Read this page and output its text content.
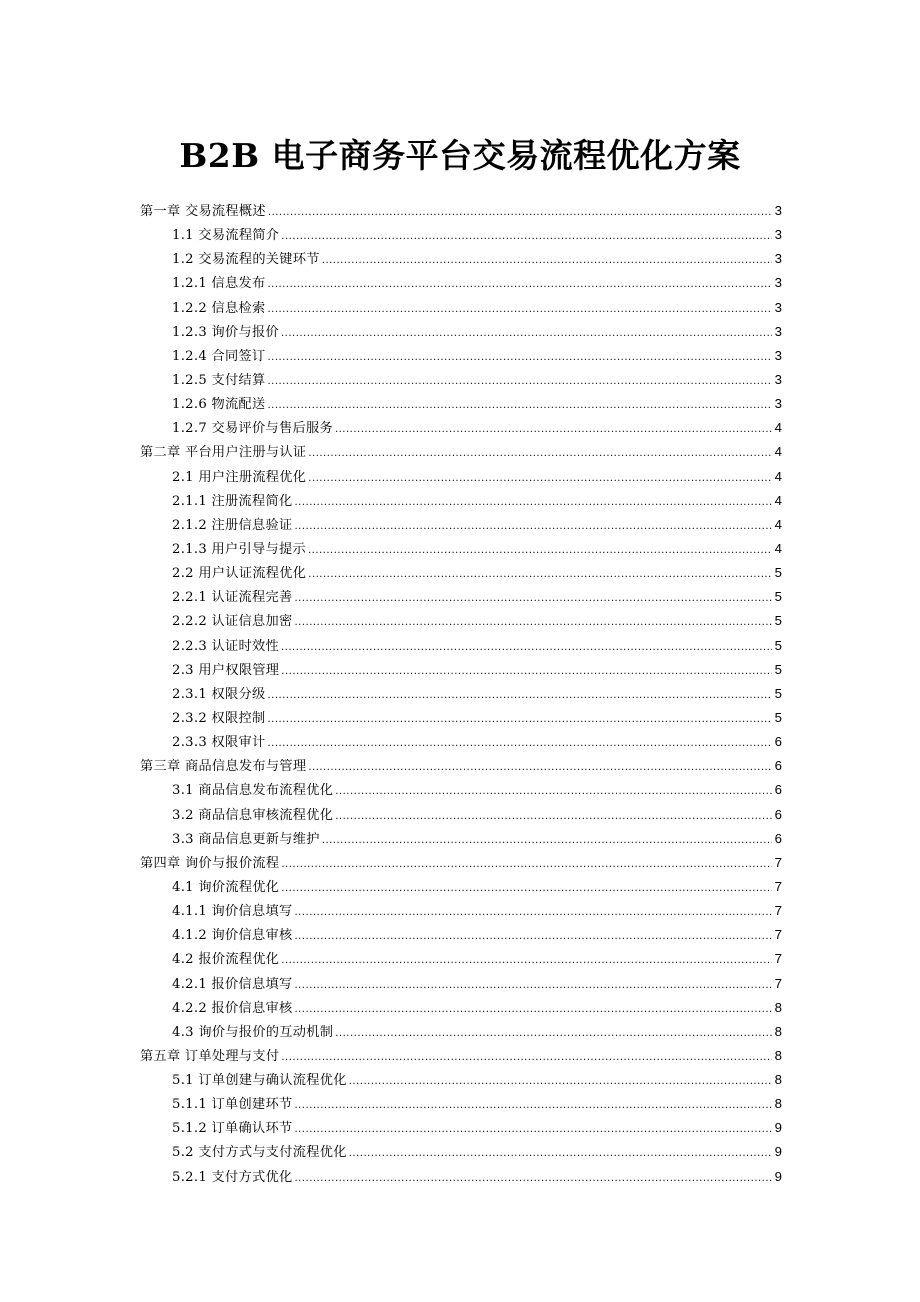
B2B 电子商务平台交易流程优化方案
第一章 交易流程概述 .....	3
1.1 交易流程简介 .....	3
1.2 交易流程的关键环节 .....	3
1.2.1 信息发布 .....	3
1.2.2 信息检索 .....	3
1.2.3 询价与报价 .....	3
1.2.4 合同签订 .....	3
1.2.5 支付结算 .....	3
1.2.6 物流配送 .....	3
1.2.7 交易评价与售后服务 .....	4
第二章 平台用户注册与认证 .....	4
2.1 用户注册流程优化 .....	4
2.1.1 注册流程简化 .....	4
2.1.2 注册信息验证 .....	4
2.1.3 用户引导与提示 .....	4
2.2 用户认证流程优化 .....	5
2.2.1 认证流程完善 .....	5
2.2.2 认证信息加密 .....	5
2.2.3 认证时效性 .....	5
2.3 用户权限管理 .....	5
2.3.1 权限分级 .....	5
2.3.2 权限控制 .....	5
2.3.3 权限审计 .....	6
第三章 商品信息发布与管理 .....	6
3.1 商品信息发布流程优化 .....	6
3.2 商品信息审核流程优化 .....	6
3.3 商品信息更新与维护 .....	6
第四章 询价与报价流程 .....	7
4.1 询价流程优化 .....	7
4.1.1 询价信息填写 .....	7
4.1.2 询价信息审核 .....	7
4.2 报价流程优化 .....	7
4.2.1 报价信息填写 .....	7
4.2.2 报价信息审核 .....	8
4.3 询价与报价的互动机制 .....	8
第五章 订单处理与支付 .....	8
5.1 订单创建与确认流程优化 .....	8
5.1.1 订单创建环节 .....	8
5.1.2 订单确认环节 .....	9
5.2 支付方式与支付流程优化 .....	9
5.2.1 支付方式优化 .....	9
